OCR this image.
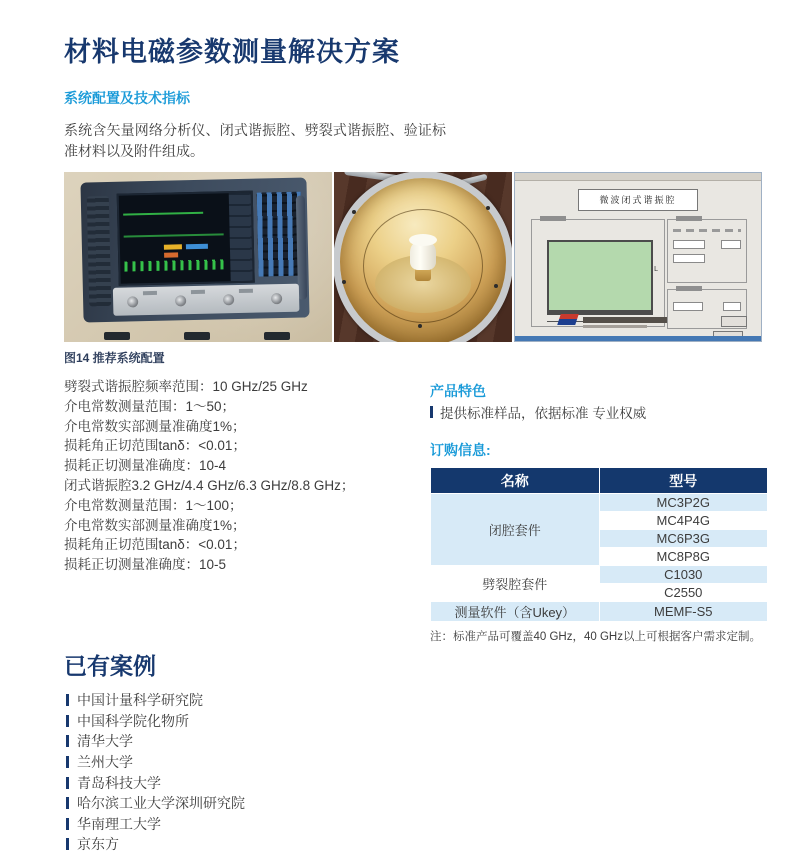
材料电磁参数测量解决方案
系统配置及技术指标

系统含矢量网络分析仪、闭式谐振腔、劈裂式谐振腔、验证标准材料以及附件组成。

微波闭式谐振腔
L
图14 推荐系统配置
劈裂式谐振腔频率范围：10 GHz/25 GHz
介电常数测量范围：1～50；
介电常数实部测量准确度1%；
损耗角正切范围tanδ：<0.01；
损耗正切测量准确度：10-4
闭式谐振腔3.2 GHz/4.4 GHz/6.3 GHz/8.8 GHz；
介电常数测量范围：1～100；
介电常数实部测量准确度1%；
损耗角正切范围tanδ：<0.01；
损耗正切测量准确度：10-5
产品特色
提供标准样品，依据标准 专业权威
订购信息:
名称	型号
闭腔套件	MC3P2G
	MC4P4G
	MC6P3G
	MC8P8G
劈裂腔套件	C1030
	C2550
测量软件（含Ukey）	MEMF-S5
注：标准产品可覆盖40 GHz，40 GHz以上可根据客户需求定制。
已有案例
中国计量科学研究院
中国科学院化物所
清华大学
兰州大学
青岛科技大学
哈尔滨工业大学深圳研究院
华南理工大学
京东方
